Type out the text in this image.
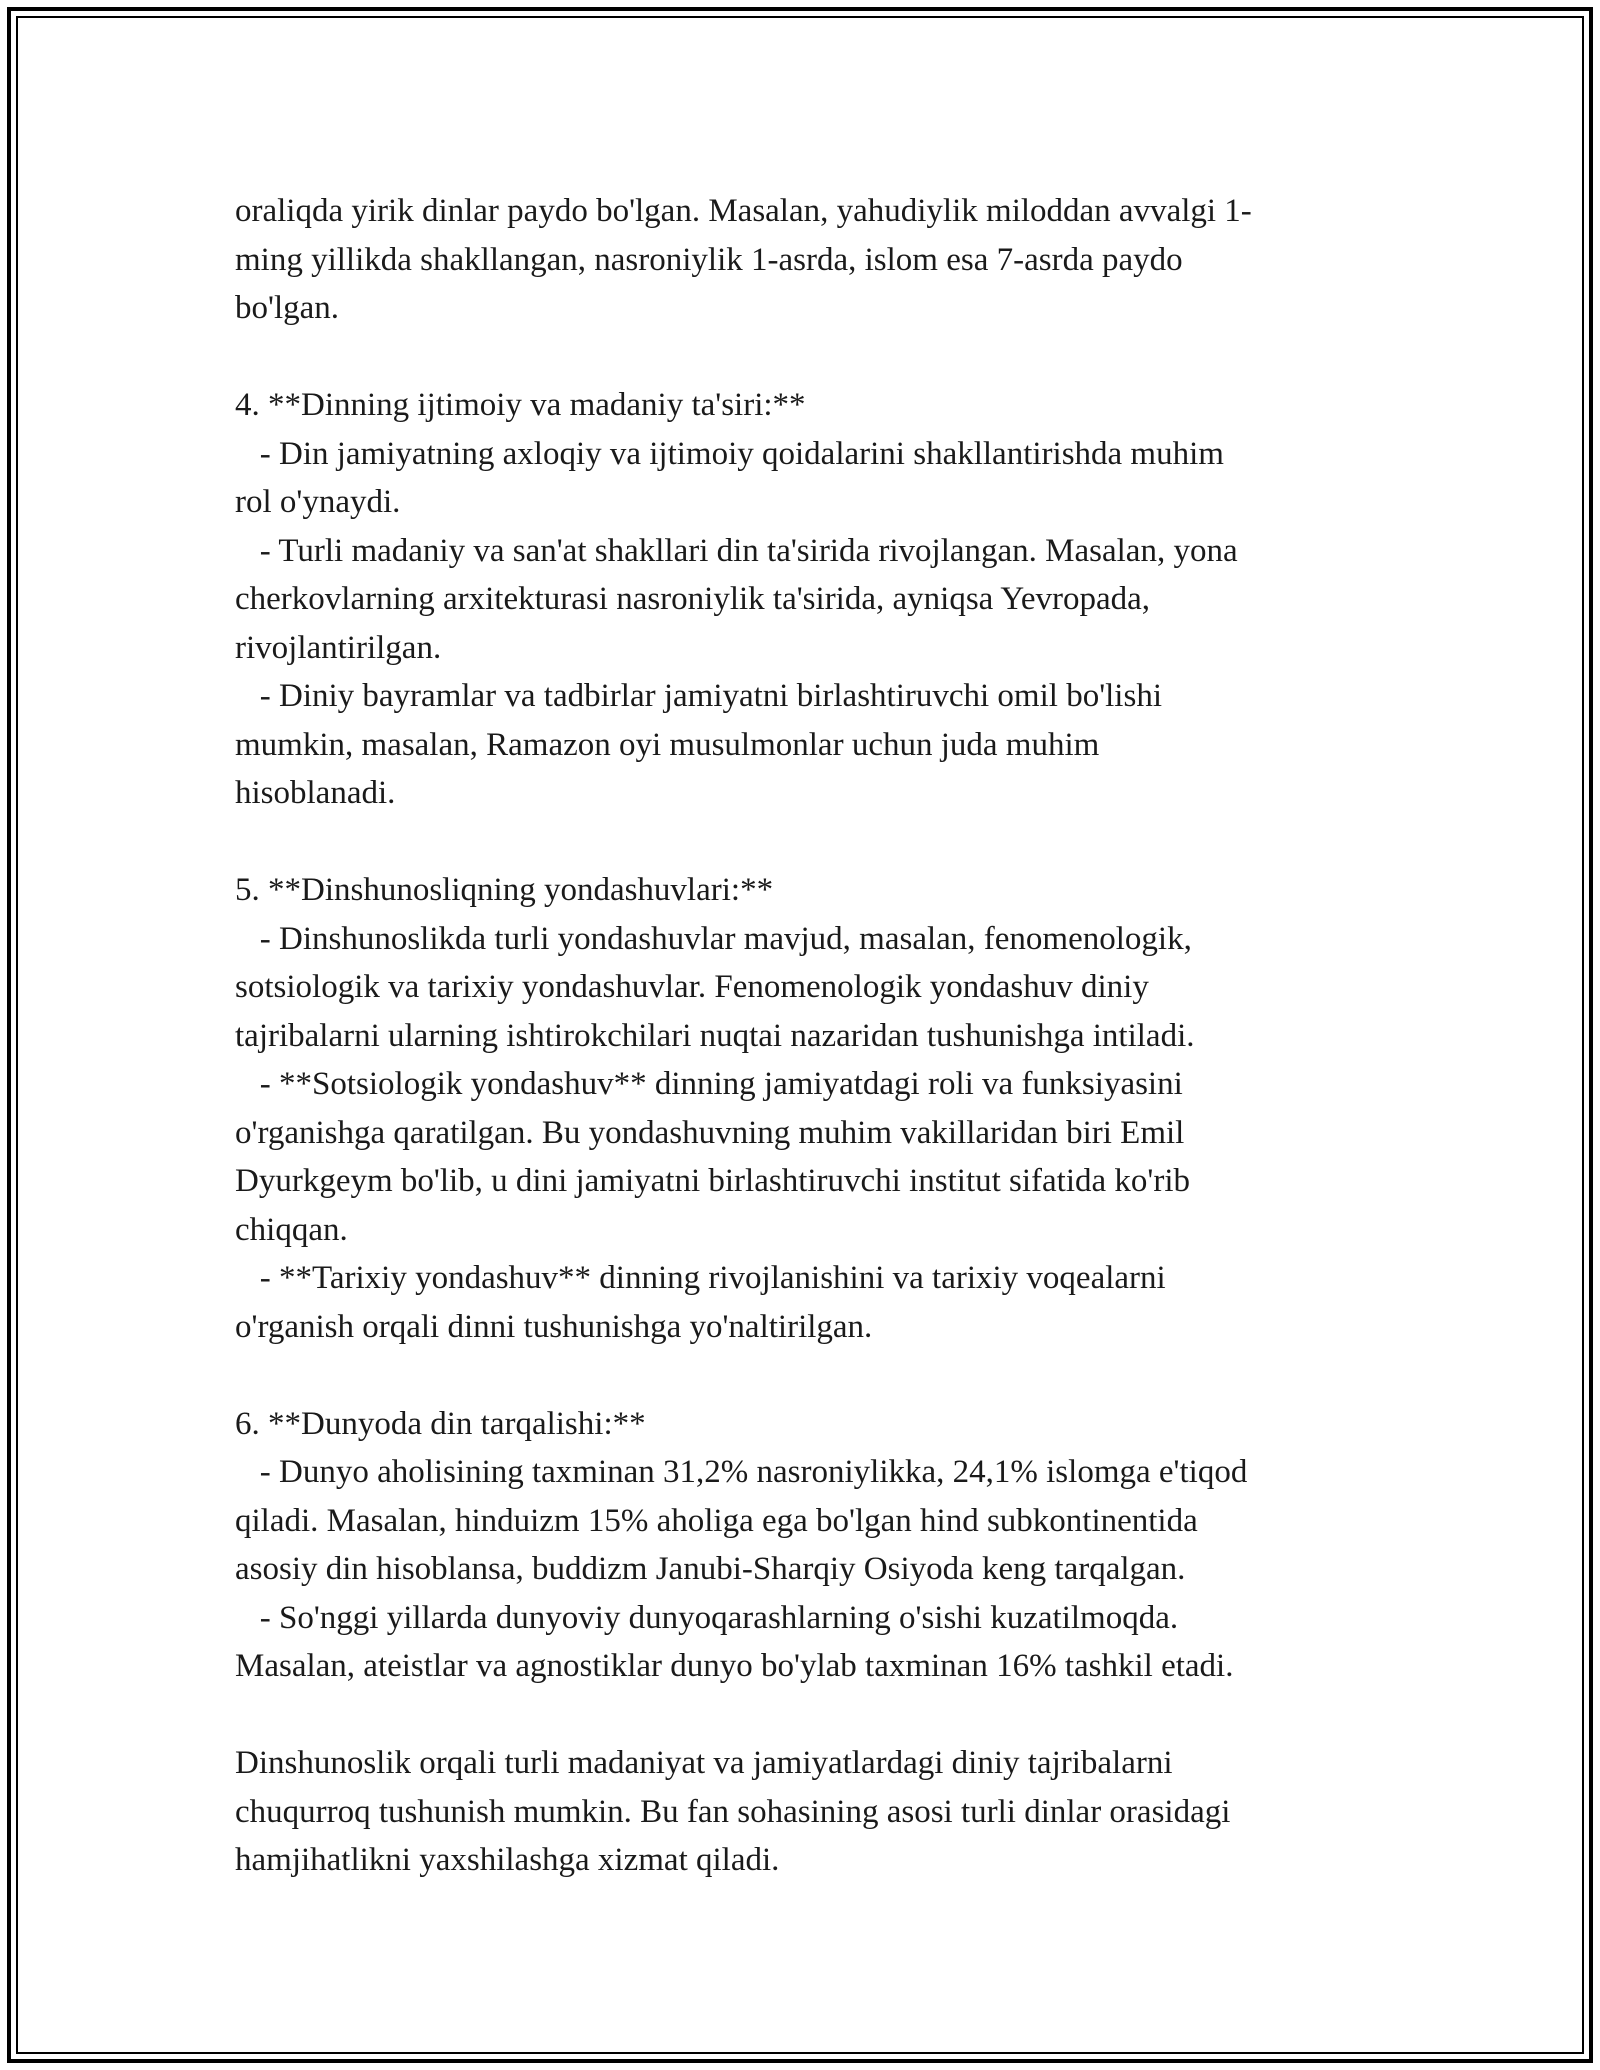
oraliqda yirik dinlar paydo bo'lgan. Masalan, yahudiylik miloddan avvalgi 1-
ming yillikda shakllangan, nasroniylik 1-asrda, islom esa 7-asrda paydo
bo'lgan.
4. **Dinning ijtimoiy va madaniy ta'siri:**
- Din jamiyatning axloqiy va ijtimoiy qoidalarini shakllantirishda muhim
rol o'ynaydi.
- Turli madaniy va san'at shakllari din ta'sirida rivojlangan. Masalan, yona
cherkovlarning arxitekturasi nasroniylik ta'sirida, ayniqsa Yevropada,
rivojlantirilgan.
- Diniy bayramlar va tadbirlar jamiyatni birlashtiruvchi omil bo'lishi
mumkin, masalan, Ramazon oyi musulmonlar uchun juda muhim
hisoblanadi.
5. **Dinshunosliqning yondashuvlari:**
- Dinshunoslikda turli yondashuvlar mavjud, masalan, fenomenologik,
sotsiologik va tarixiy yondashuvlar. Fenomenologik yondashuv diniy
tajribalarni ularning ishtirokchilari nuqtai nazaridan tushunishga intiladi.
- **Sotsiologik yondashuv** dinning jamiyatdagi roli va funksiyasini
o'rganishga qaratilgan. Bu yondashuvning muhim vakillaridan biri Emil
Dyurkgeym bo'lib, u dini jamiyatni birlashtiruvchi institut sifatida ko'rib
chiqqan.
- **Tarixiy yondashuv** dinning rivojlanishini va tarixiy voqealarni
o'rganish orqali dinni tushunishga yo'naltirilgan.
6. **Dunyoda din tarqalishi:**
- Dunyo aholisining taxminan 31,2% nasroniylikka, 24,1% islomga e'tiqod
qiladi. Masalan, hinduizm 15% aholiga ega bo'lgan hind subkontinentida
asosiy din hisoblansa, buddizm Janubi-Sharqiy Osiyoda keng tarqalgan.
- So'nggi yillarda dunyoviy dunyoqarashlarning o'sishi kuzatilmoqda.
Masalan, ateistlar va agnostiklar dunyo bo'ylab taxminan 16% tashkil etadi.
Dinshunoslik orqali turli madaniyat va jamiyatlardagi diniy tajribalarni
chuqurroq tushunish mumkin. Bu fan sohasining asosi turli dinlar orasidagi
hamjihatlikni yaxshilashga xizmat qiladi.
